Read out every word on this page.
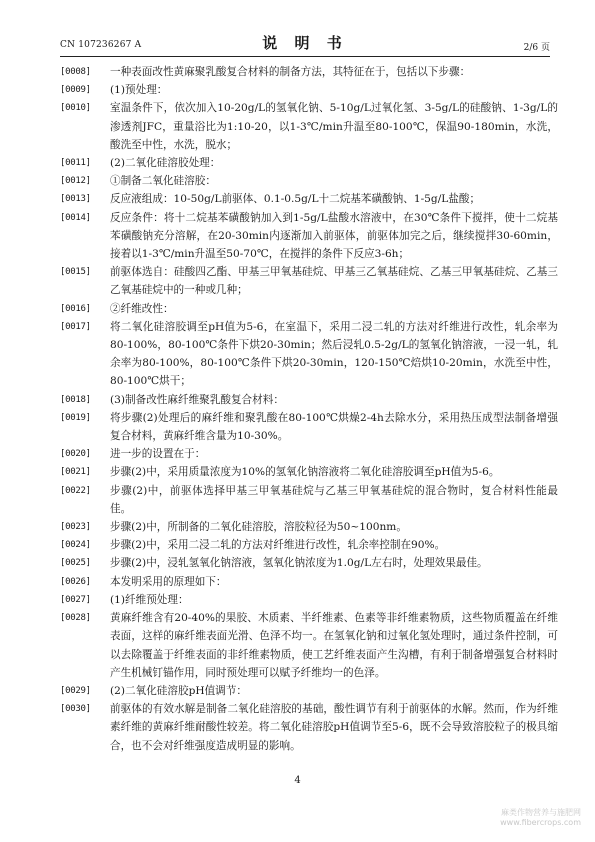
CN 107236267 A	说 明 书	2/6 页
[0008]	一种表面改性黄麻聚乳酸复合材料的制备方法，其特征在于，包括以下步骤：
[0009]	(1)预处理：
[0010]	室温条件下，依次加入10-20g/L的氢氧化钠、5-10g/L过氧化氢、3-5g/L的硅酸钠、1-3g/L的渗透剂JFC，重量浴比为1:10-20，以1-3℃/min升温至80-100℃，保温90-180min，水洗，酸洗至中性，水洗，脱水；
[0011]	(2)二氧化硅溶胶处理：
[0012]	①制备二氧化硅溶胶：
[0013]	反应液组成：10-50g/L前驱体、0.1-0.5g/L十二烷基苯磺酸钠、1-5g/L盐酸；
[0014]	反应条件：将十二烷基苯磺酸钠加入到1-5g/L盐酸水溶液中，在30℃条件下搅拌，使十二烷基苯磺酸钠充分溶解，在20-30min内逐渐加入前驱体，前驱体加完之后，继续搅拌30-60min，接着以1-3℃/min升温至50-70℃，在搅拌的条件下反应3-6h；
[0015]	前驱体选自：硅酸四乙酯、甲基三甲氧基硅烷、甲基三乙氧基硅烷、乙基三甲氧基硅烷、乙基三乙氧基硅烷中的一种或几种；
[0016]	②纤维改性：
[0017]	将二氧化硅溶胶调至pH值为5-6，在室温下，采用二浸二轧的方法对纤维进行改性，轧余率为80-100%，80-100℃条件下烘20-30min；然后浸轧0.5-2g/L的氢氧化钠溶液，一浸一轧，轧余率为80-100%，80-100℃条件下烘20-30min，120-150℃焙烘10-20min，水洗至中性，80-100℃烘干；
[0018]	(3)制备改性麻纤维聚乳酸复合材料：
[0019]	将步骤(2)处理后的麻纤维和聚乳酸在80-100℃烘燥2-4h去除水分，采用热压成型法制备增强复合材料，黄麻纤维含量为10-30%。
[0020]	进一步的设置在于：
[0021]	步骤(2)中，采用质量浓度为10%的氢氧化钠溶液将二氧化硅溶胶调至pH值为5-6。
[0022]	步骤(2)中，前驱体选择甲基三甲氧基硅烷与乙基三甲氧基硅烷的混合物时，复合材料性能最佳。
[0023]	步骤(2)中，所制备的二氧化硅溶胶，溶胶粒径为50~100nm。
[0024]	步骤(2)中，采用二浸二轧的方法对纤维进行改性，轧余率控制在90%。
[0025]	步骤(2)中，浸轧氢氧化钠溶液，氢氧化钠浓度为1.0g/L左右时，处理效果最佳。
[0026]	本发明采用的原理如下：
[0027]	(1)纤维预处理：
[0028]	黄麻纤维含有20-40%的果胶、木质素、半纤维素、色素等非纤维素物质，这些物质覆盖在纤维表面，这样的麻纤维表面光滑、色泽不均一。在氢氧化钠和过氧化氢处理时，通过条件控制，可以去除覆盖于纤维表面的非纤维素物质，使工艺纤维表面产生沟槽，有利于制备增强复合材料时产生机械钉锚作用，同时预处理可以赋予纤维均一的色泽。
[0029]	(2)二氧化硅溶胶pH值调节：
[0030]	前驱体的有效水解是制备二氧化硅溶胶的基础，酸性调节有利于前驱体的水解。然而，作为纤维素纤维的黄麻纤维耐酸性较差。将二氧化硅溶胶pH值调节至5-6，既不会导致溶胶粒子的极具缩合，也不会对纤维强度造成明显的影响。
4
麻类作物营养与施肥网
www.fibercrops.com
